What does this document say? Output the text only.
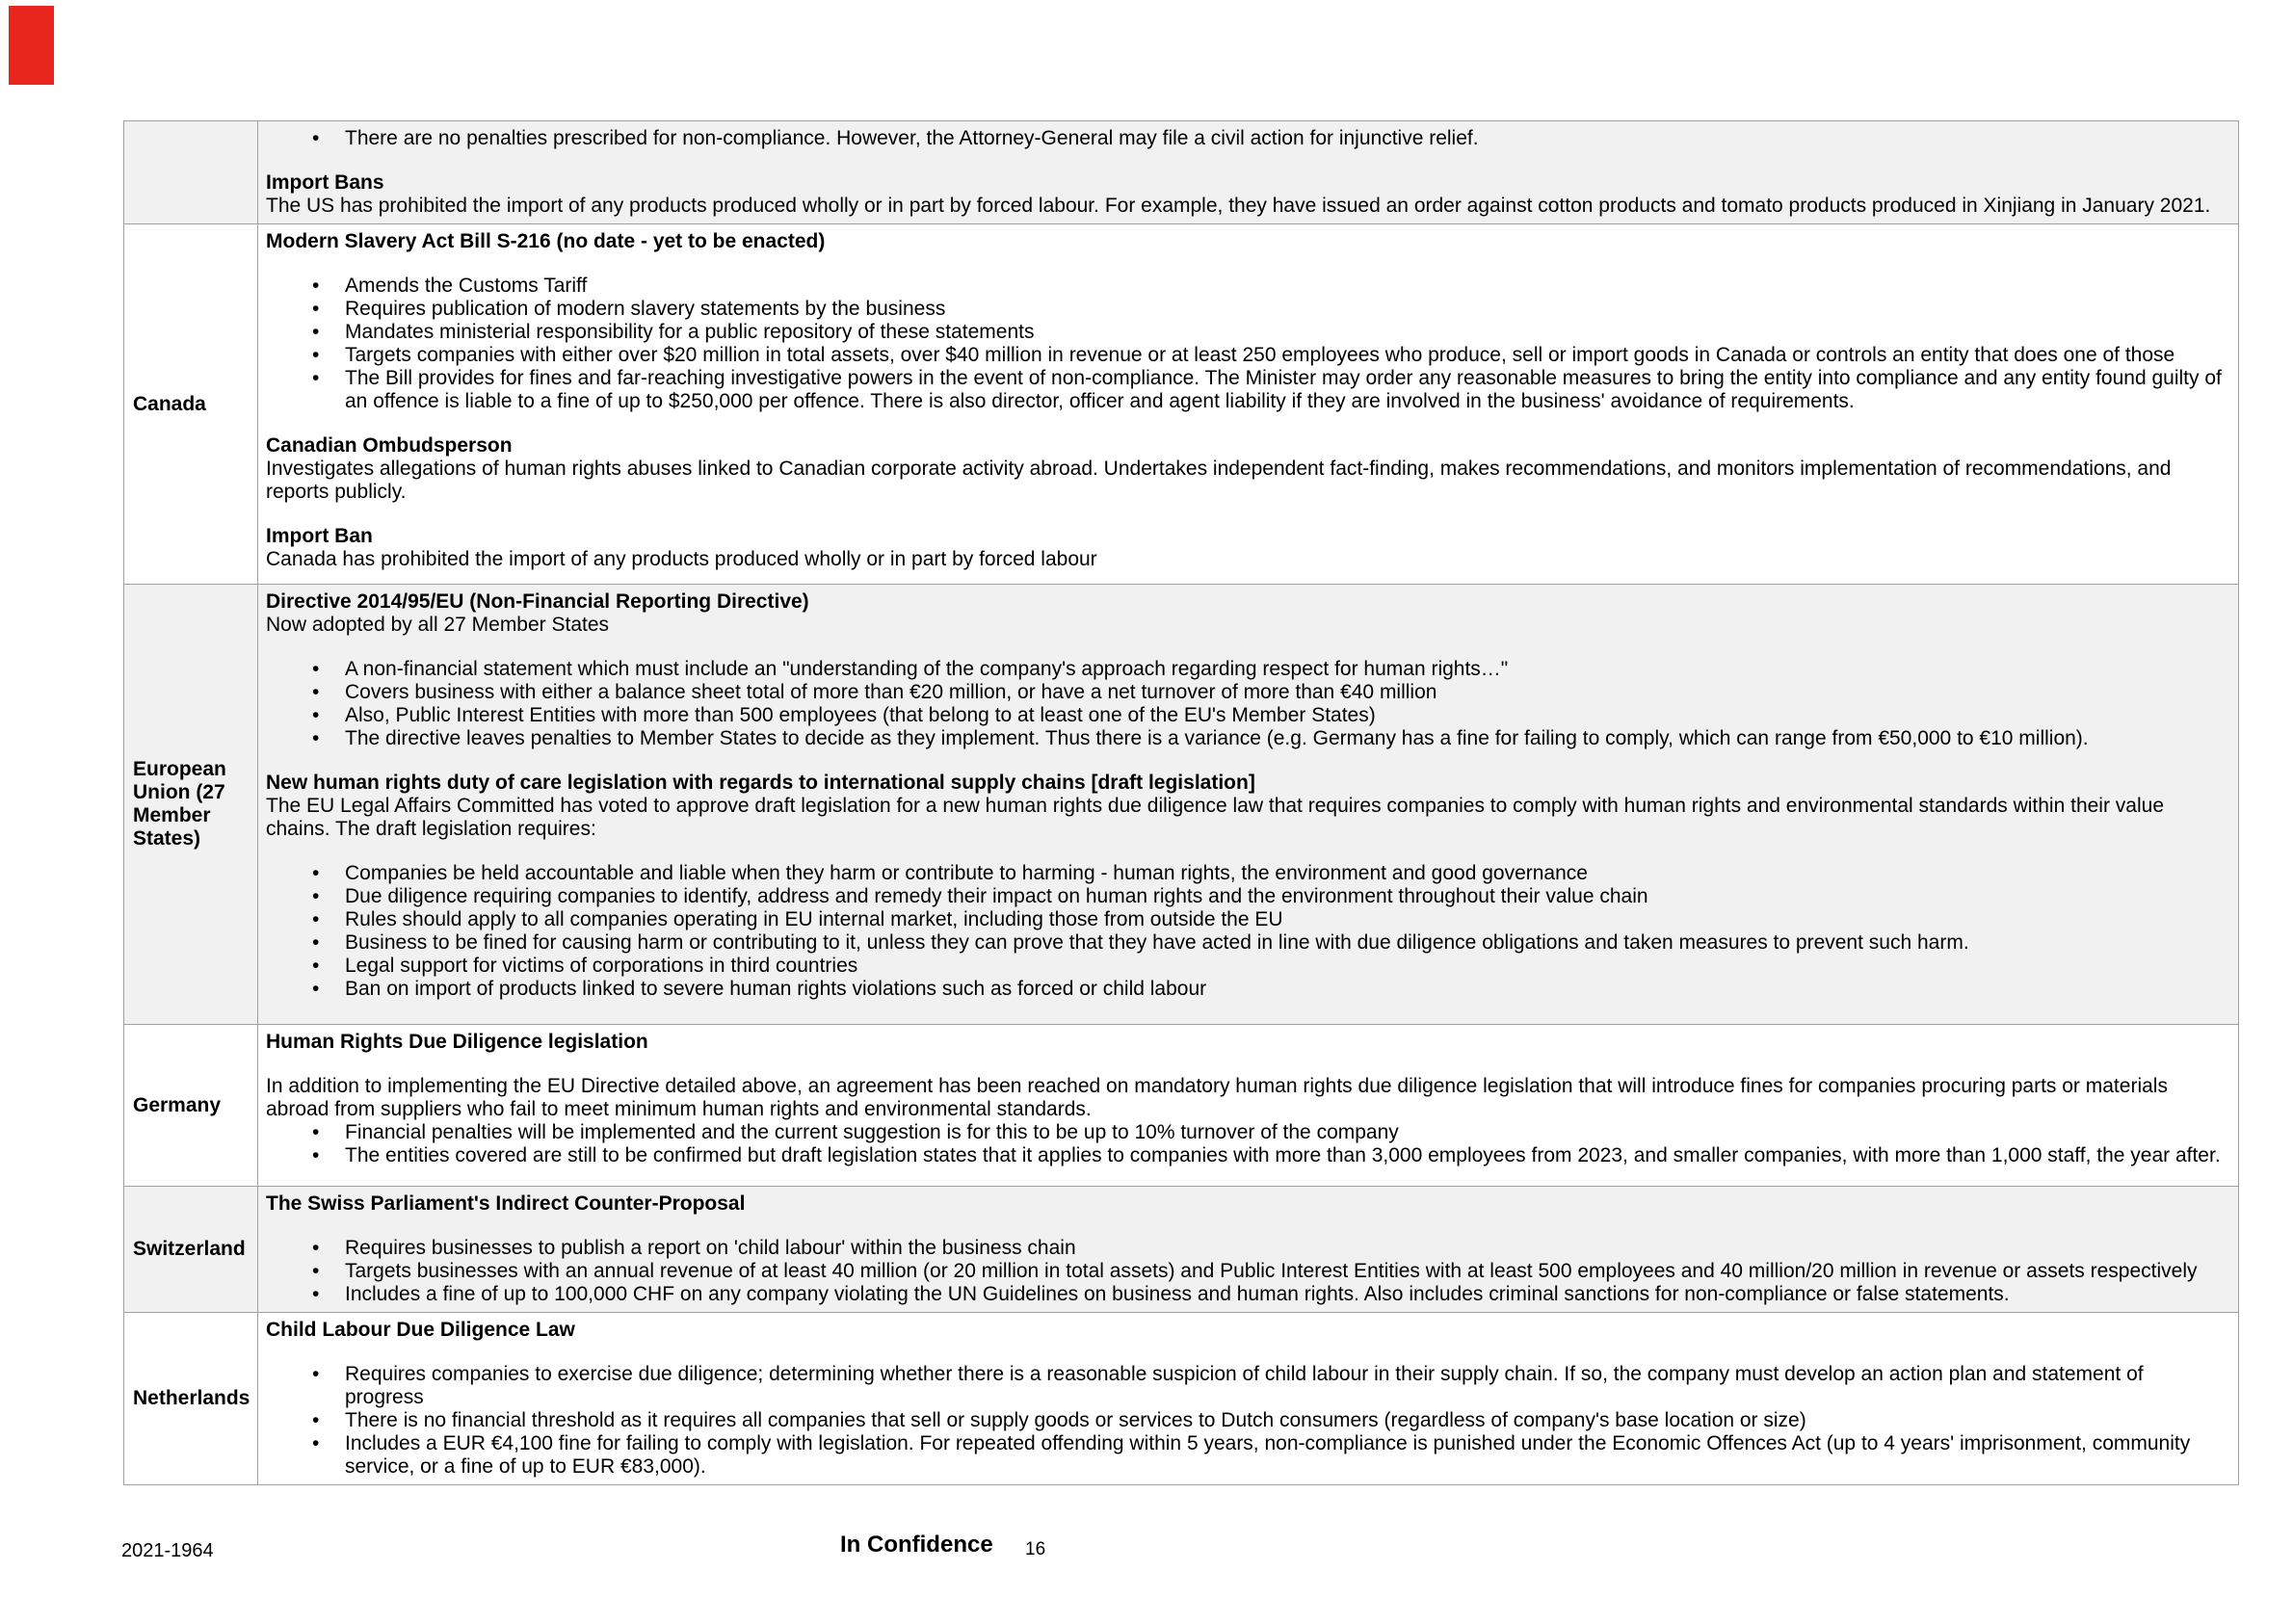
• There are no penalties prescribed for non-compliance. However, the Attorney-General may file a civil action for injunctive relief.
Import Bans
The US has prohibited the import of any products produced wholly or in part by forced labour. For example, they have issued an order against cotton products and tomato products produced in Xinjiang in January 2021.
Canada
Modern Slavery Act Bill S-216 (no date - yet to be enacted)
• Amends the Customs Tariff
• Requires publication of modern slavery statements by the business
• Mandates ministerial responsibility for a public repository of these statements
• Targets companies with either over $20 million in total assets, over $40 million in revenue or at least 250 employees who produce, sell or import goods in Canada or controls an entity that does one of those
• The Bill provides for fines and far-reaching investigative powers in the event of non-compliance. The Minister may order any reasonable measures to bring the entity into compliance and any entity found guilty of an offence is liable to a fine of up to $250,000 per offence. There is also director, officer and agent liability if they are involved in the business' avoidance of requirements.
Canadian Ombudsperson
Investigates allegations of human rights abuses linked to Canadian corporate activity abroad. Undertakes independent fact-finding, makes recommendations, and monitors implementation of recommendations, and reports publicly.
Import Ban
Canada has prohibited the import of any products produced wholly or in part by forced labour
European Union (27 Member States)
Directive 2014/95/EU (Non-Financial Reporting Directive)
Now adopted by all 27 Member States
• A non-financial statement which must include an "understanding of the company's approach regarding respect for human rights…"
• Covers business with either a balance sheet total of more than €20 million, or have a net turnover of more than €40 million
• Also, Public Interest Entities with more than 500 employees (that belong to at least one of the EU's Member States)
• The directive leaves penalties to Member States to decide as they implement. Thus there is a variance (e.g. Germany has a fine for failing to comply, which can range from €50,000 to €10 million).
New human rights duty of care legislation with regards to international supply chains [draft legislation]
The EU Legal Affairs Committed has voted to approve draft legislation for a new human rights due diligence law that requires companies to comply with human rights and environmental standards within their value chains. The draft legislation requires:
• Companies be held accountable and liable when they harm or contribute to harming - human rights, the environment and good governance
• Due diligence requiring companies to identify, address and remedy their impact on human rights and the environment throughout their value chain
• Rules should apply to all companies operating in EU internal market, including those from outside the EU
• Business to be fined for causing harm or contributing to it, unless they can prove that they have acted in line with due diligence obligations and taken measures to prevent such harm.
• Legal support for victims of corporations in third countries
• Ban on import of products linked to severe human rights violations such as forced or child labour
Germany
Human Rights Due Diligence legislation
In addition to implementing the EU Directive detailed above, an agreement has been reached on mandatory human rights due diligence legislation that will introduce fines for companies procuring parts or materials abroad from suppliers who fail to meet minimum human rights and environmental standards.
• Financial penalties will be implemented and the current suggestion is for this to be up to 10% turnover of the company
• The entities covered are still to be confirmed but draft legislation states that it applies to companies with more than 3,000 employees from 2023, and smaller companies, with more than 1,000 staff, the year after.
Switzerland
The Swiss Parliament's Indirect Counter-Proposal
• Requires businesses to publish a report on 'child labour' within the business chain
• Targets businesses with an annual revenue of at least 40 million (or 20 million in total assets) and Public Interest Entities with at least 500 employees and 40 million/20 million in revenue or assets respectively
• Includes a fine of up to 100,000 CHF on any company violating the UN Guidelines on business and human rights. Also includes criminal sanctions for non-compliance or false statements.
Netherlands
Child Labour Due Diligence Law
• Requires companies to exercise due diligence; determining whether there is a reasonable suspicion of child labour in their supply chain. If so, the company must develop an action plan and statement of progress
• There is no financial threshold as it requires all companies that sell or supply goods or services to Dutch consumers (regardless of company's base location or size)
• Includes a EUR €4,100 fine for failing to comply with legislation. For repeated offending within 5 years, non-compliance is punished under the Economic Offences Act (up to 4 years' imprisonment, community service, or a fine of up to EUR €83,000).
2021-1964	In Confidence 16
